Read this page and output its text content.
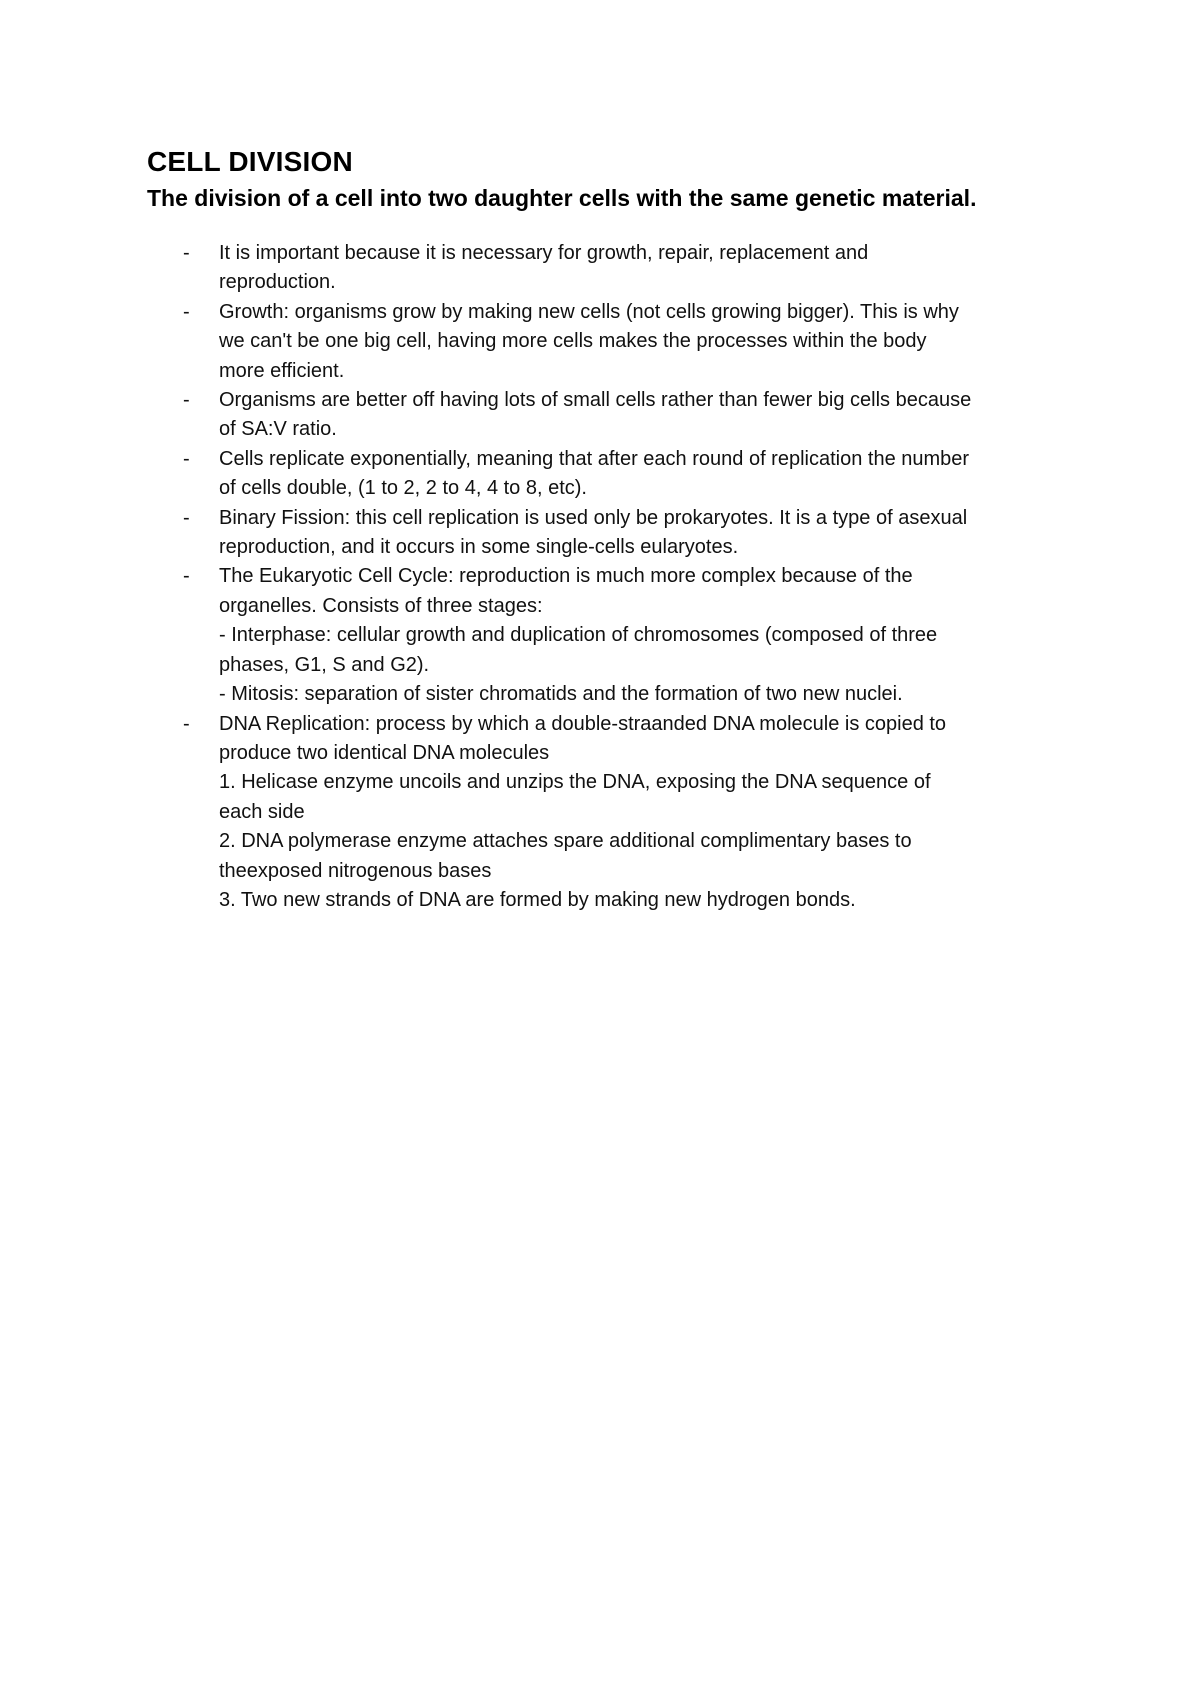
CELL DIVISION
The division of a cell into two daughter cells with the same genetic material.
- It is important because it is necessary for growth, repair, replacement and
reproduction.
- Growth: organisms grow by making new cells (not cells growing bigger). This is why
we can't be one big cell, having more cells makes the processes within the body
more efficient.
- Organisms are better off having lots of small cells rather than fewer big cells because
of SA:V ratio.
- Cells replicate exponentially, meaning that after each round of replication the number
of cells double, (1 to 2, 2 to 4, 4 to 8, etc).
- Binary Fission: this cell replication is used only be prokaryotes. It is a type of asexual
reproduction, and it occurs in some single-cells eularyotes.
- The Eukaryotic Cell Cycle: reproduction is much more complex because of the
organelles. Consists of three stages:
- Interphase: cellular growth and duplication of chromosomes (composed of three
phases, G1, S and G2).
- Mitosis: separation of sister chromatids and the formation of two new nuclei.
- DNA Replication: process by which a double-straanded DNA molecule is copied to
produce two identical DNA molecules
1. Helicase enzyme uncoils and unzips the DNA, exposing the DNA sequence of
each side
2. DNA polymerase enzyme attaches spare additional complimentary bases to
theexposed nitrogenous bases
3. Two new strands of DNA are formed by making new hydrogen bonds.
